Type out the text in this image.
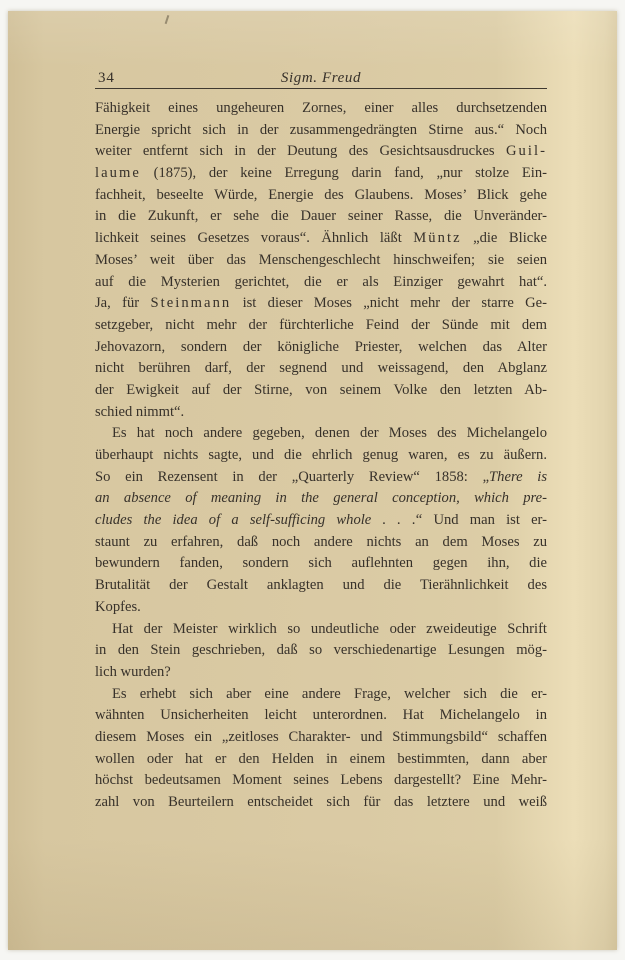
34	Sigm. Freud
Fähigkeit eines ungeheuren Zornes, einer alles durchsetzenden
Energie spricht sich in der zusammengedrängten Stirne aus.“ Noch
weiter entfernt sich in der Deutung des Gesichtsausdruckes Guil-
laume (1875), der keine Erregung darin fand, „nur stolze Ein-
fachheit, beseelte Würde, Energie des Glaubens. Moses’ Blick gehe
in die Zukunft, er sehe die Dauer seiner Rasse, die Unveränder-
lichkeit seines Gesetzes voraus“. Ähnlich läßt Müntz „die Blicke
Moses’ weit über das Menschengeschlecht hinschweifen; sie seien
auf die Mysterien gerichtet, die er als Einziger gewahrt hat“.
Ja, für Steinmann ist dieser Moses „nicht mehr der starre Ge-
setzgeber, nicht mehr der fürchterliche Feind der Sünde mit dem
Jehovazorn, sondern der königliche Priester, welchen das Alter
nicht berühren darf, der segnend und weissagend, den Abglanz
der Ewigkeit auf der Stirne, von seinem Volke den letzten Ab-
schied nimmt“.
Es hat noch andere gegeben, denen der Moses des Michelangelo
überhaupt nichts sagte, und die ehrlich genug waren, es zu äußern.
So ein Rezensent in der „Quarterly Review“ 1858: „There is
an absence of meaning in the general conception, which pre-
cludes the idea of a self-sufficing whole . . .“ Und man ist er-
staunt zu erfahren, daß noch andere nichts an dem Moses zu
bewundern fanden, sondern sich auflehnten gegen ihn, die
Brutalität der Gestalt anklagten und die Tierähnlichkeit des
Kopfes.
Hat der Meister wirklich so undeutliche oder zweideutige Schrift
in den Stein geschrieben, daß so verschiedenartige Lesungen mög-
lich wurden?
Es erhebt sich aber eine andere Frage, welcher sich die er-
wähnten Unsicherheiten leicht unterordnen. Hat Michelangelo in
diesem Moses ein „zeitloses Charakter- und Stimmungsbild“ schaffen
wollen oder hat er den Helden in einem bestimmten, dann aber
höchst bedeutsamen Moment seines Lebens dargestellt? Eine Mehr-
zahl von Beurteilern entscheidet sich für das letztere und weiß
